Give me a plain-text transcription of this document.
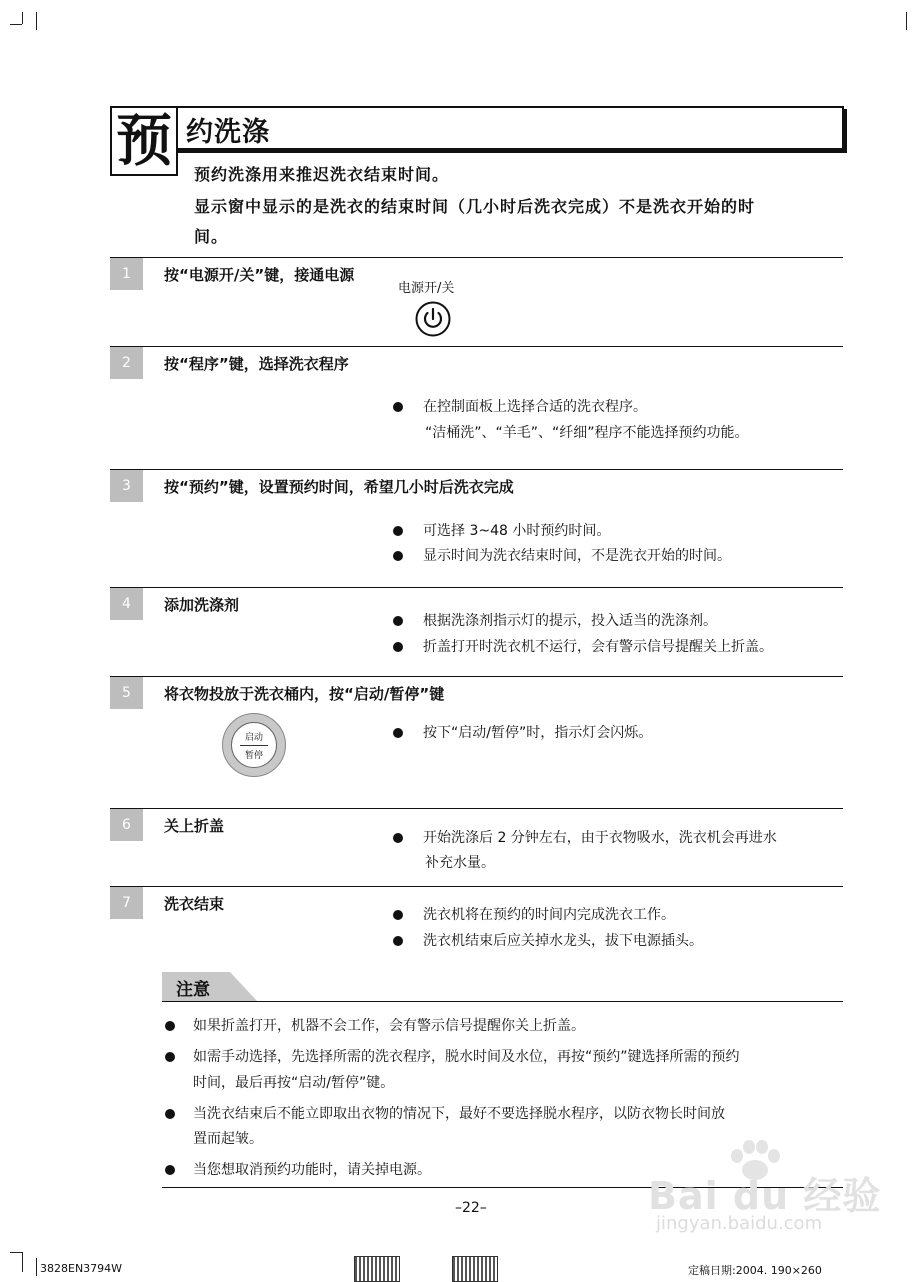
预 约洗涤
预约洗涤用来推迟洗衣结束时间。
显示窗中显示的是洗衣的结束时间（几小时后洗衣完成）不是洗衣开始的时
间。
1	按“电源开/关”键，接通电源
电源开/关
2	按“程序”键，选择洗衣程序
在控制面板上选择合适的洗衣程序。
“洁桶洗”、“羊毛”、“纤细”程序不能选择预约功能。
3	按“预约”键，设置预约时间，希望几小时后洗衣完成
可选择 3~48 小时预约时间。
显示时间为洗衣结束时间，不是洗衣开始的时间。
4	添加洗涤剂
根据洗涤剂指示灯的提示，投入适当的洗涤剂。
折盖打开时洗衣机不运行，会有警示信号提醒关上折盖。
5	将衣物投放于洗衣桶内，按“启动/暂停”键
启动
暂停
按下“启动/暂停”时，指示灯会闪烁。
6	关上折盖
开始洗涤后 2 分钟左右，由于衣物吸水，洗衣机会再进水
补充水量。
7	洗衣结束
洗衣机将在预约的时间内完成洗衣工作。
洗衣机结束后应关掉水龙头，拔下电源插头。
注意
如果折盖打开，机器不会工作，会有警示信号提醒你关上折盖。
如需手动选择，先选择所需的洗衣程序，脱水时间及水位，再按“预约”键选择所需的预约
时间，最后再按“启动/暂停”键。
当洗衣结束后不能立即取出衣物的情况下，最好不要选择脱水程序，以防衣物长时间放
置而起皱。
当您想取消预约功能时，请关掉电源。
–22–	Bai du 经验
jingyan.baidu.com
3828EN3794W	定稿日期:2004. 190×260
